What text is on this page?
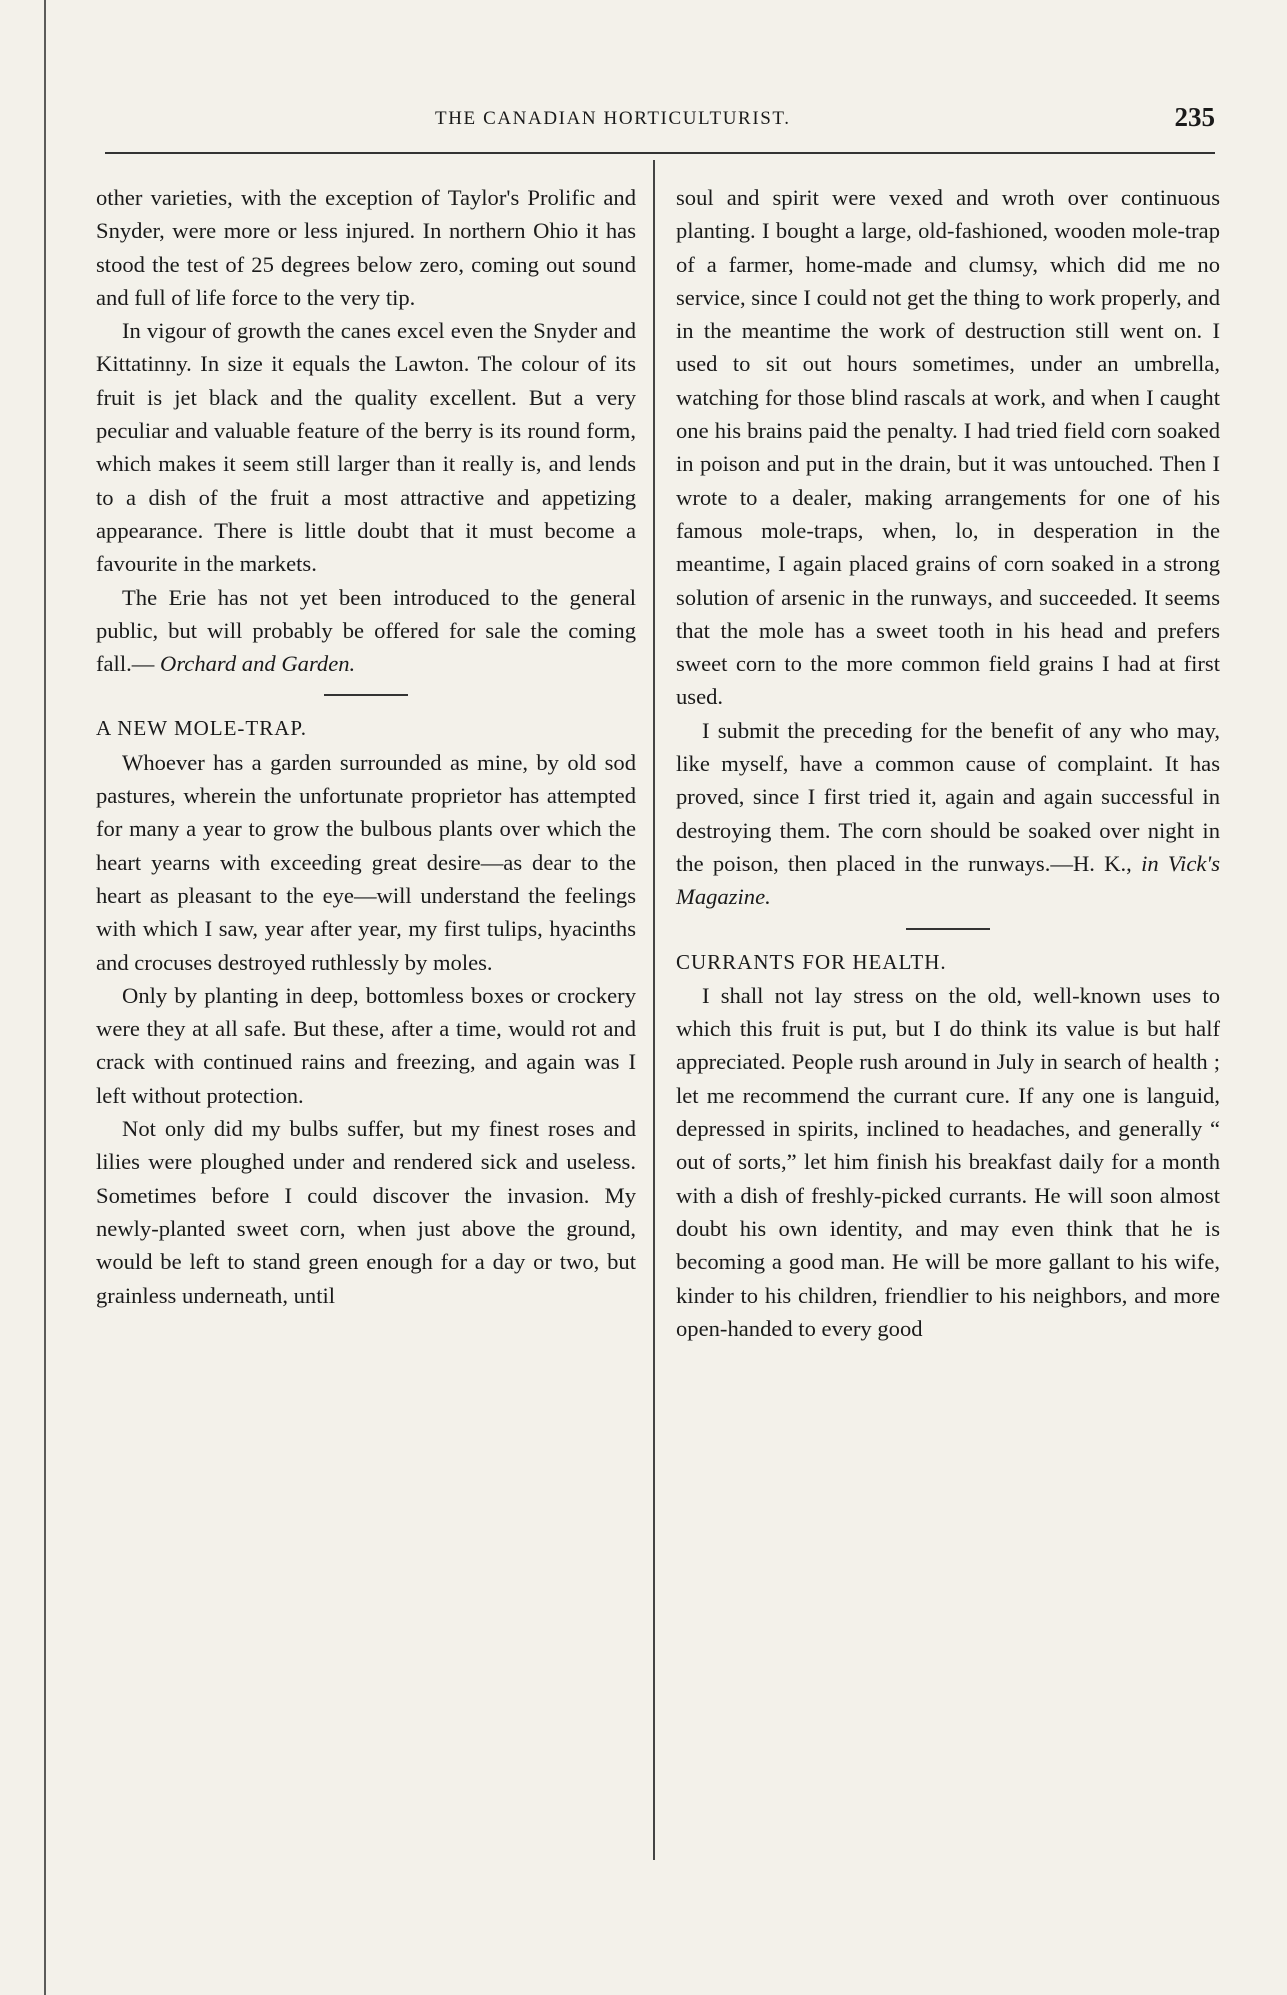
THE CANADIAN HORTICULTURIST.	235

other varieties, with the exception of Taylor's Prolific and Snyder, were more or less injured. In northern Ohio it has stood the test of 25 degrees below zero, coming out sound and full of life force to the very tip.

In vigour of growth the canes excel even the Snyder and Kittatinny. In size it equals the Lawton. The colour of its fruit is jet black and the quality excellent. But a very peculiar and valuable feature of the berry is its round form, which makes it seem still larger than it really is, and lends to a dish of the fruit a most attractive and appetizing appearance. There is little doubt that it must become a favourite in the markets.

The Erie has not yet been introduced to the general public, but will probably be offered for sale the coming fall.— Orchard and Garden.

A NEW MOLE-TRAP.

Whoever has a garden surrounded as mine, by old sod pastures, wherein the unfortunate proprietor has attempted for many a year to grow the bulbous plants over which the heart yearns with exceeding great desire—as dear to the heart as pleasant to the eye—will understand the feelings with which I saw, year after year, my first tulips, hyacinths and crocuses destroyed ruthlessly by moles.

Only by planting in deep, bottomless boxes or crockery were they at all safe. But these, after a time, would rot and crack with continued rains and freezing, and again was I left without protection.

Not only did my bulbs suffer, but my finest roses and lilies were ploughed under and rendered sick and useless. Sometimes before I could discover the invasion. My newly-planted sweet corn, when just above the ground, would be left to stand green enough for a day or two, but grainless underneath, until

soul and spirit were vexed and wroth over continuous planting. I bought a large, old-fashioned, wooden mole-trap of a farmer, home-made and clumsy, which did me no service, since I could not get the thing to work properly, and in the meantime the work of destruction still went on. I used to sit out hours sometimes, under an umbrella, watching for those blind rascals at work, and when I caught one his brains paid the penalty. I had tried field corn soaked in poison and put in the drain, but it was untouched. Then I wrote to a dealer, making arrangements for one of his famous mole-traps, when, lo, in desperation in the meantime, I again placed grains of corn soaked in a strong solution of arsenic in the runways, and succeeded. It seems that the mole has a sweet tooth in his head and prefers sweet corn to the more common field grains I had at first used.

I submit the preceding for the benefit of any who may, like myself, have a common cause of complaint. It has proved, since I first tried it, again and again successful in destroying them. The corn should be soaked over night in the poison, then placed in the runways.—H. K., in Vick's Magazine.

CURRANTS FOR HEALTH.

I shall not lay stress on the old, well-known uses to which this fruit is put, but I do think its value is but half appreciated. People rush around in July in search of health ; let me recommend the currant cure. If any one is languid, depressed in spirits, inclined to headaches, and generally “ out of sorts,” let him finish his breakfast daily for a month with a dish of freshly-picked currants. He will soon almost doubt his own identity, and may even think that he is becoming a good man. He will be more gallant to his wife, kinder to his children, friendlier to his neighbors, and more open-handed to every good
